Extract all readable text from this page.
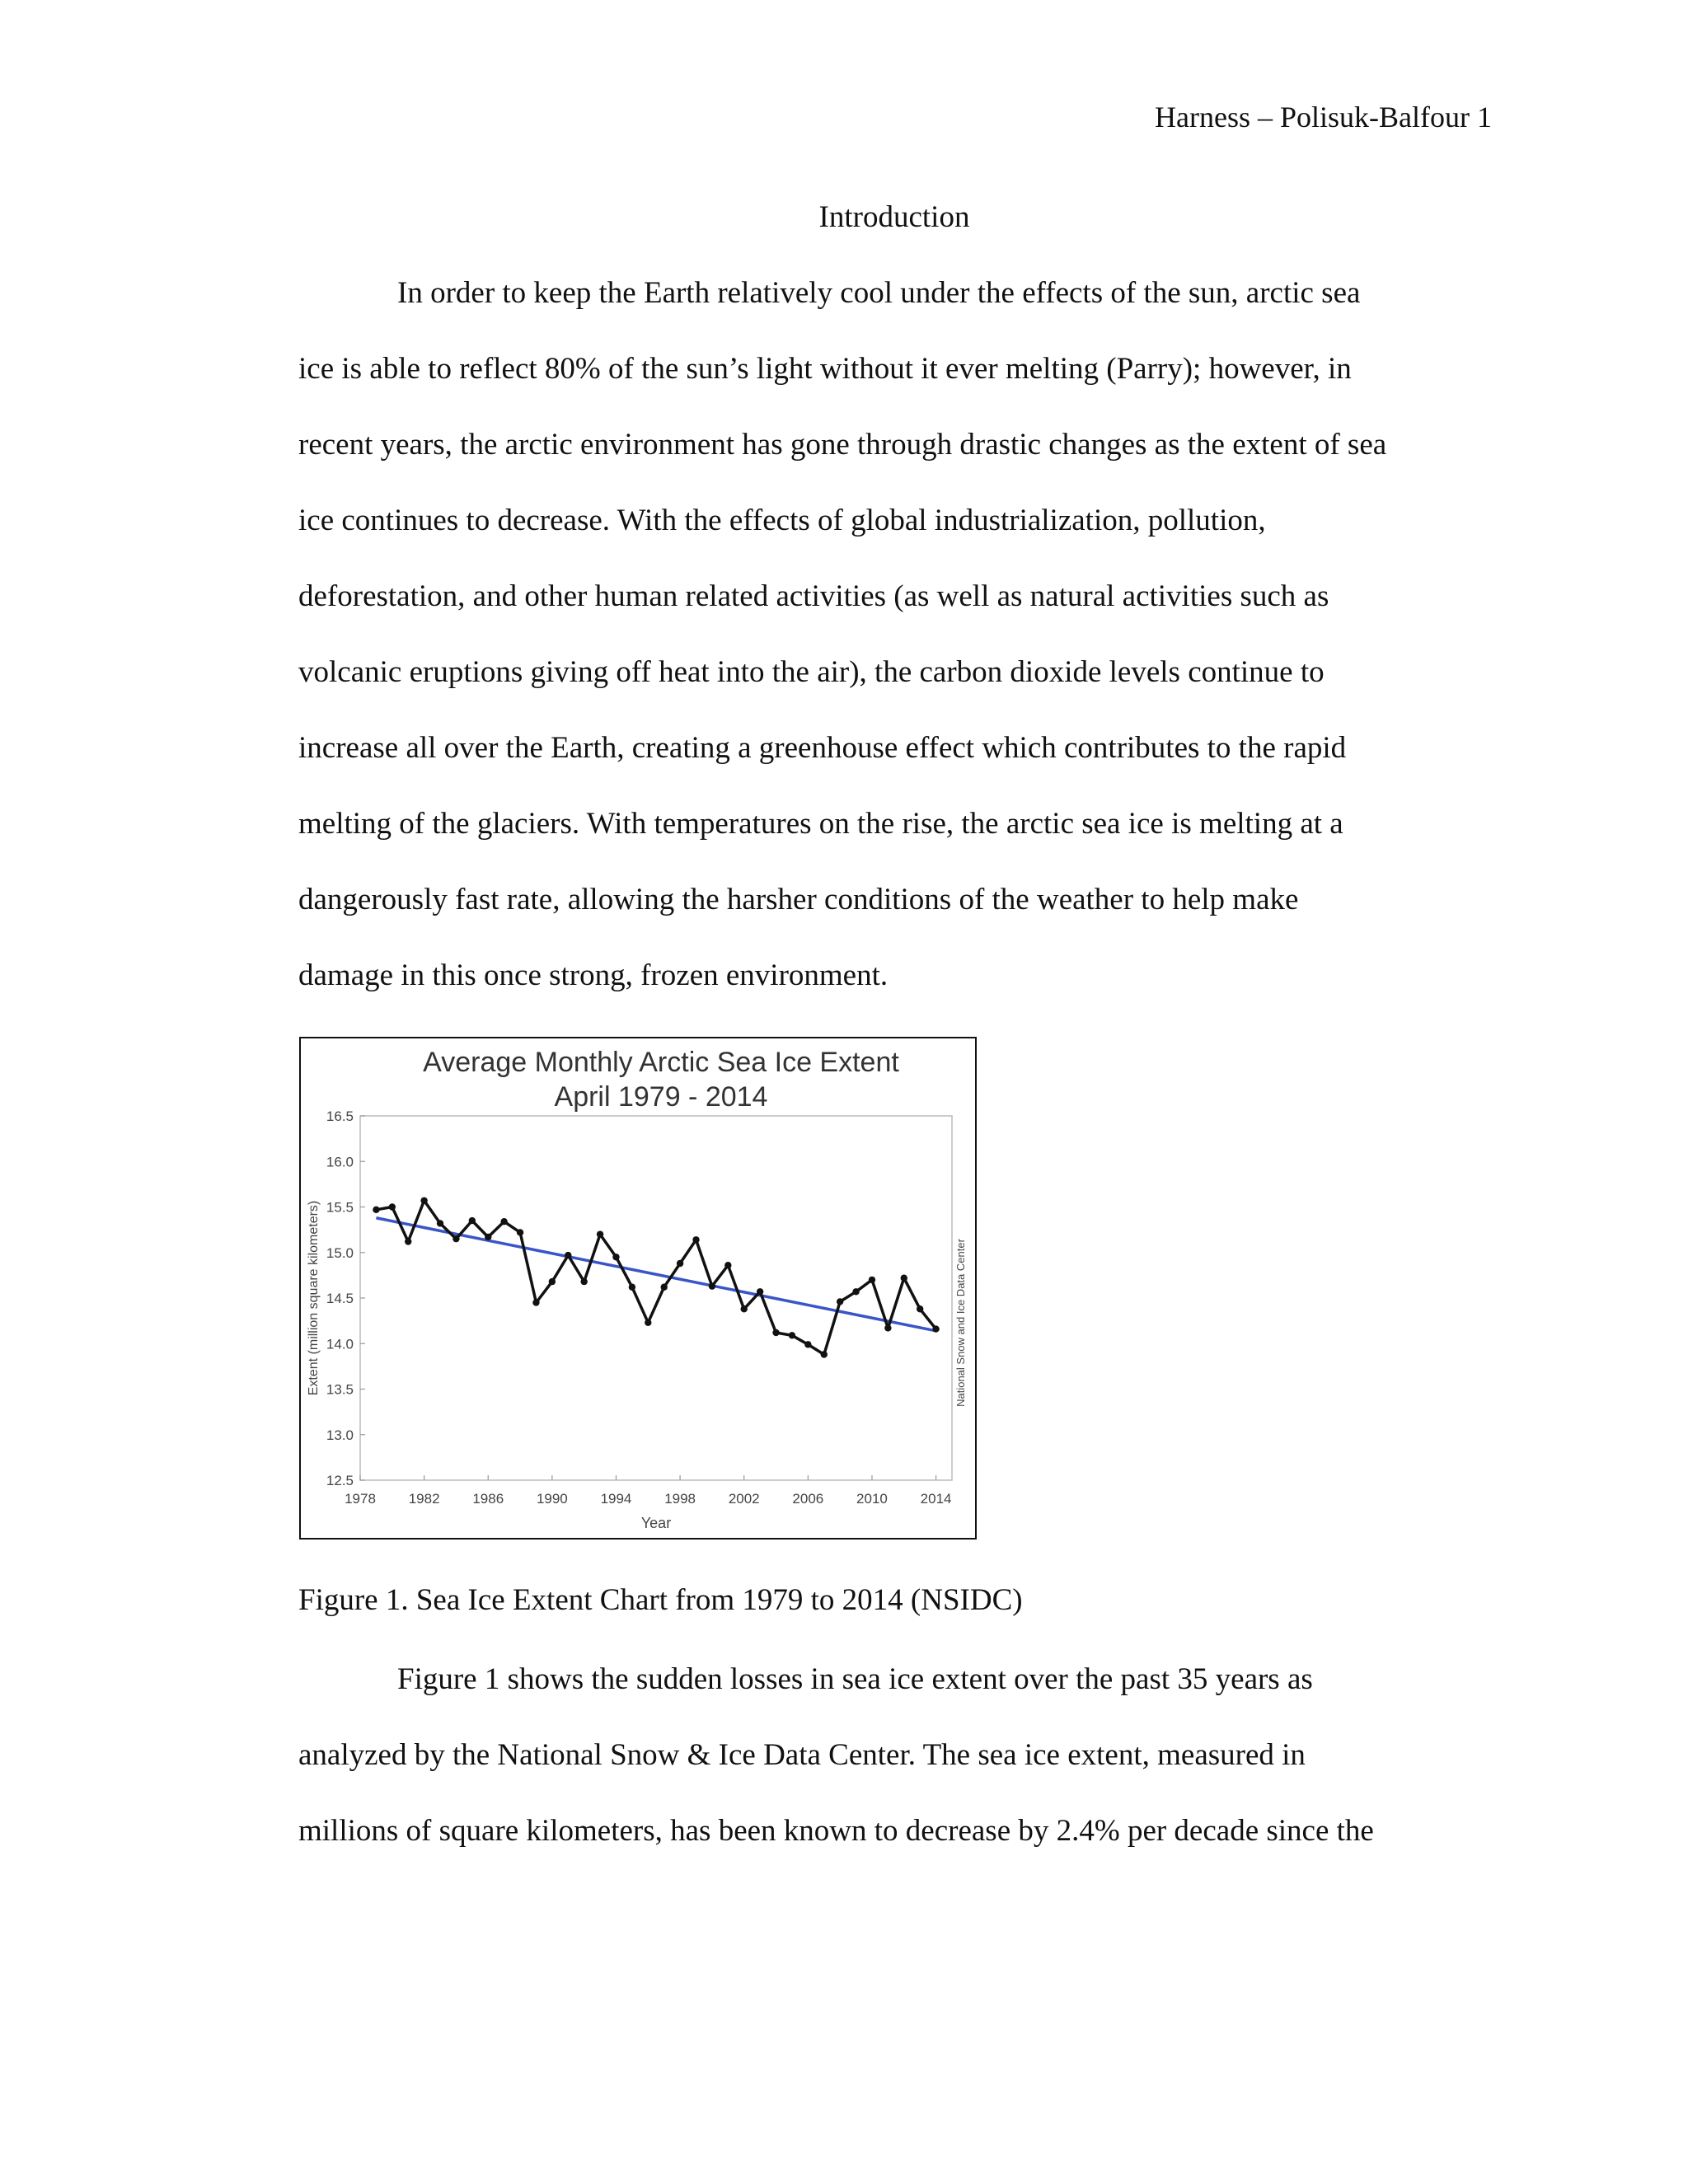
Harness – Polisuk-Balfour 1
Introduction
In order to keep the Earth relatively cool under the effects of the sun, arctic sea
ice is able to reflect 80% of the sun’s light without it ever melting (Parry); however, in
recent years, the arctic environment has gone through drastic changes as the extent of sea
ice continues to decrease. With the effects of global industrialization, pollution,
deforestation, and other human related activities (as well as natural activities such as
volcanic eruptions giving off heat into the air), the carbon dioxide levels continue to
increase all over the Earth, creating a greenhouse effect which contributes to the rapid
melting of the glaciers. With temperatures on the rise, the arctic sea ice is melting at a
dangerously fast rate, allowing the harsher conditions of the weather to help make
damage in this once strong, frozen environment.
Average Monthly Arctic Sea Ice Extent
April 1979 - 2014
16.5
16.0
15.5
15.0
14.5
14.0
13.5
13.0
12.5
1978 1982 1986 1990 1994 1998 2002 2006 2010 2014
Year
Extent (million square kilometers)	National Snow and Ice Data Center
Figure 1. Sea Ice Extent Chart from 1979 to 2014 (NSIDC)
Figure 1 shows the sudden losses in sea ice extent over the past 35 years as
analyzed by the National Snow & Ice Data Center. The sea ice extent, measured in
millions of square kilometers, has been known to decrease by 2.4% per decade since the
